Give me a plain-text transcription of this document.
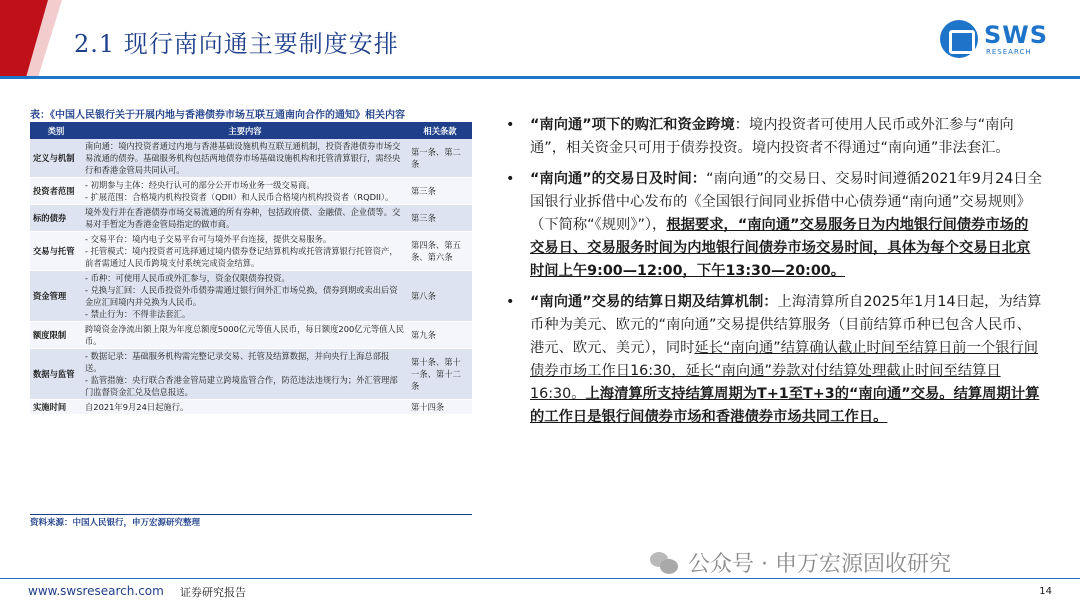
2.1 现行南向通主要制度安排	SWS
RESEARCH
表：《中国人民银行关于开展内地与香港债券市场互联互通南向合作的通知》相关内容
类别	主要内容	相关条款
定义与机制	南向通：境内投资者通过内地与香港基础设施机构互联互通机制，投资香港债券市场交易流通的债券。基础服务机构包括两地债券市场基础设施机构和托管清算银行，需经央行和香港金管局共同认可。	第一条、第二条
投资者范围	- 初期参与主体：经央行认可的部分公开市场业务一级交易商。
- 扩展范围：合格境内机构投资者（QDII）和人民币合格境内机构投资者（RQDII）。	第三条
标的债券	境外发行并在香港债券市场交易流通的所有券种，包括政府债、金融债、企业债等。交易对手暂定为香港金管局指定的做市商。	第三条
交易与托管	- 交易平台：境内电子交易平台可与境外平台连接，提供交易服务。
- 托管模式：境内投资者可选择通过境内债券登记结算机构或托管清算银行托管资产，前者需通过人民币跨境支付系统完成资金结算。	第四条、第五条、第六条
资金管理	- 币种：可使用人民币或外汇参与，资金仅限债券投资。
- 兑换与汇回：人民币投资外币债券需通过银行间外汇市场兑换，债券到期或卖出后资金应汇回境内并兑换为人民币。
- 禁止行为：不得非法套汇。	第八条
额度限制	跨境资金净流出额上限为年度总额度5000亿元等值人民币，每日额度200亿元等值人民币。	第九条
数据与监管	- 数据记录：基础服务机构需完整记录交易、托管及结算数据，并向央行上海总部报送。
- 监管措施：央行联合香港金管局建立跨境监管合作，防范违法违规行为；外汇管理部门监督资金汇兑及信息报送。	第十条、第十一条、第十二条
实施时间	自2021年9月24日起施行。	第十四条
资料来源：中国人民银行，申万宏源研究整理
• “南向通”项下的购汇和资金跨境：境内投资者可使用人民币或外汇参与“南向通”，相关资金只可用于债券投资。境内投资者不得通过“南向通”非法套汇。
• “南向通”的交易日及时间：“南向通”的交易日、交易时间遵循2021年9月24日全国银行业拆借中心发布的《全国银行间同业拆借中心债券通“南向通”交易规则》（下简称“《规则》”），根据要求，“南向通”交易服务日为内地银行间债券市场的交易日、交易服务时间为内地银行间债券市场交易时间，具体为每个交易日北京时间上午9:00—12:00，下午13:30—20:00。
• “南向通”交易的结算日期及结算机制：上海清算所自2025年1月14日起，为结算币种为美元、欧元的“南向通”交易提供结算服务（目前结算币种已包含人民币、港元、欧元、美元），同时延长“南向通”结算确认截止时间至结算日前一个银行间债券市场工作日16:30，延长“南向通”券款对付结算处理截止时间至结算日16:30。上海清算所支持结算周期为T+1至T+3的“南向通”交易。结算周期计算的工作日是银行间债券市场和香港债券市场共同工作日。
公众号 · 申万宏源固收研究
www.swsresearch.com 证券研究报告	14
